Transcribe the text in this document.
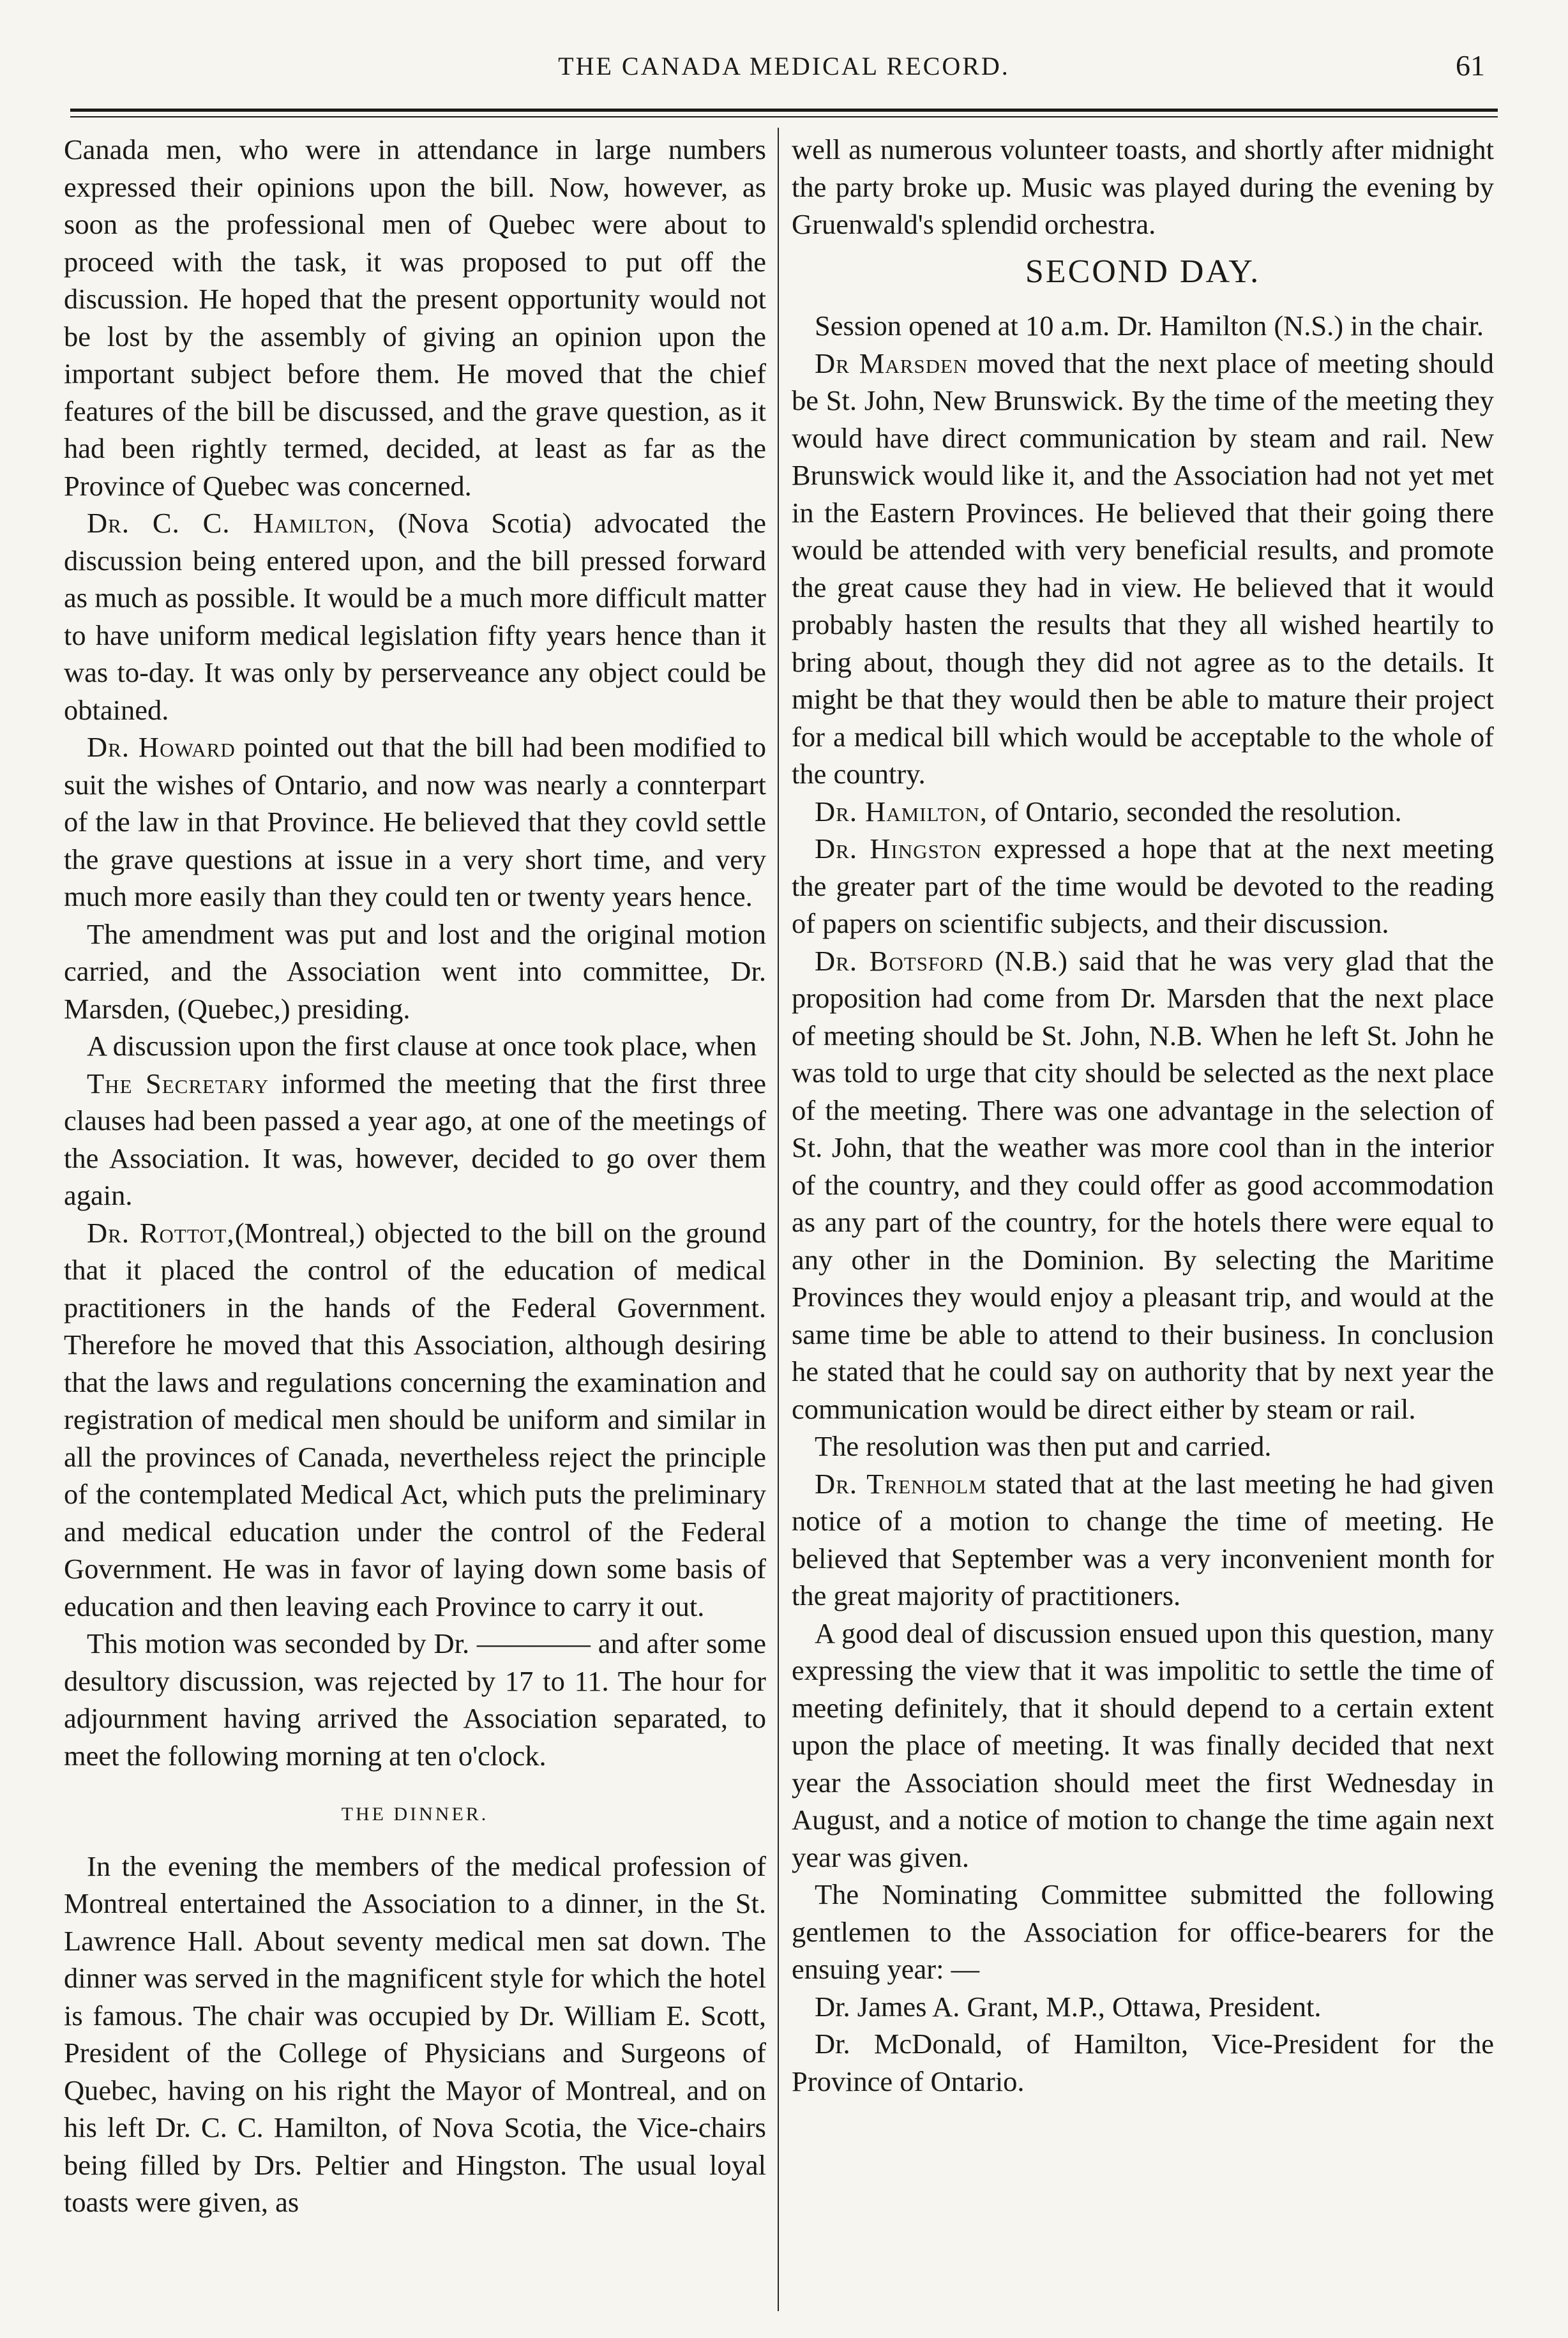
THE CANADA MEDICAL RECORD.	61

Canada men, who were in attendance in large numbers expressed their opinions upon the bill. Now, however, as soon as the professional men of Quebec were about to proceed with the task, it was proposed to put off the discussion. He hoped that the present opportunity would not be lost by the assembly of giving an opinion upon the important subject before them. He moved that the chief features of the bill be discussed, and the grave question, as it had been rightly termed, decided, at least as far as the Province of Quebec was concerned.

Dr. C. C. Hamilton, (Nova Scotia) advocated the discussion being entered upon, and the bill pressed forward as much as possible. It would be a much more difficult matter to have uniform medical legislation fifty years hence than it was to-day. It was only by perserveance any object could be obtained.

Dr. Howard pointed out that the bill had been modified to suit the wishes of Ontario, and now was nearly a connterpart of the law in that Province. He believed that they covld settle the grave questions at issue in a very short time, and very much more easily than they could ten or twenty years hence.

The amendment was put and lost and the original motion carried, and the Association went into committee, Dr. Marsden, (Quebec,) presiding.

A discussion upon the first clause at once took place, when

The Secretary informed the meeting that the first three clauses had been passed a year ago, at one of the meetings of the Association. It was, however, decided to go over them again.

Dr. Rottot,(Montreal,) objected to the bill on the ground that it placed the control of the education of medical practitioners in the hands of the Federal Government. Therefore he moved that this Association, although desiring that the laws and regulations concerning the examination and registration of medical men should be uniform and similar in all the provinces of Canada, nevertheless reject the principle of the contemplated Medical Act, which puts the preliminary and medical education under the control of the Federal Government. He was in favor of laying down some basis of education and then leaving each Province to carry it out.

This motion was seconded by Dr. ———— and after some desultory discussion, was rejected by 17 to 11. The hour for adjournment having arrived the Association separated, to meet the following morning at ten o'clock.

THE DINNER.

In the evening the members of the medical profession of Montreal entertained the Association to a dinner, in the St. Lawrence Hall. About seventy medical men sat down. The dinner was served in the magnificent style for which the hotel is famous. The chair was occupied by Dr. William E. Scott, President of the College of Physicians and Surgeons of Quebec, having on his right the Mayor of Montreal, and on his left Dr. C. C. Hamilton, of Nova Scotia, the Vice-chairs being filled by Drs. Peltier and Hingston. The usual loyal toasts were given, as

well as numerous volunteer toasts, and shortly after midnight the party broke up. Music was played during the evening by Gruenwald's splendid orchestra.

SECOND DAY.

Session opened at 10 a.m. Dr. Hamilton (N.S.) in the chair.

Dr Marsden moved that the next place of meeting should be St. John, New Brunswick. By the time of the meeting they would have direct communication by steam and rail. New Brunswick would like it, and the Association had not yet met in the Eastern Provinces. He believed that their going there would be attended with very beneficial results, and promote the great cause they had in view. He believed that it would probably hasten the results that they all wished heartily to bring about, though they did not agree as to the details. It might be that they would then be able to mature their project for a medical bill which would be acceptable to the whole of the country.

Dr. Hamilton, of Ontario, seconded the resolution.

Dr. Hingston expressed a hope that at the next meeting the greater part of the time would be devoted to the reading of papers on scientific subjects, and their discussion.

Dr. Botsford (N.B.) said that he was very glad that the proposition had come from Dr. Marsden that the next place of meeting should be St. John, N.B. When he left St. John he was told to urge that city should be selected as the next place of the meeting. There was one advantage in the selection of St. John, that the weather was more cool than in the interior of the country, and they could offer as good accommodation as any part of the country, for the hotels there were equal to any other in the Dominion. By selecting the Maritime Provinces they would enjoy a pleasant trip, and would at the same time be able to attend to their business. In conclusion he stated that he could say on authority that by next year the communication would be direct either by steam or rail.

The resolution was then put and carried.

Dr. Trenholm stated that at the last meeting he had given notice of a motion to change the time of meeting. He believed that September was a very inconvenient month for the great majority of practitioners.

A good deal of discussion ensued upon this question, many expressing the view that it was impolitic to settle the time of meeting definitely, that it should depend to a certain extent upon the place of meeting. It was finally decided that next year the Association should meet the first Wednesday in August, and a notice of motion to change the time again next year was given.

The Nominating Committee submitted the following gentlemen to the Association for office-bearers for the ensuing year: —

Dr. James A. Grant, M.P., Ottawa, President.

Dr. McDonald, of Hamilton, Vice-President for the Province of Ontario.
